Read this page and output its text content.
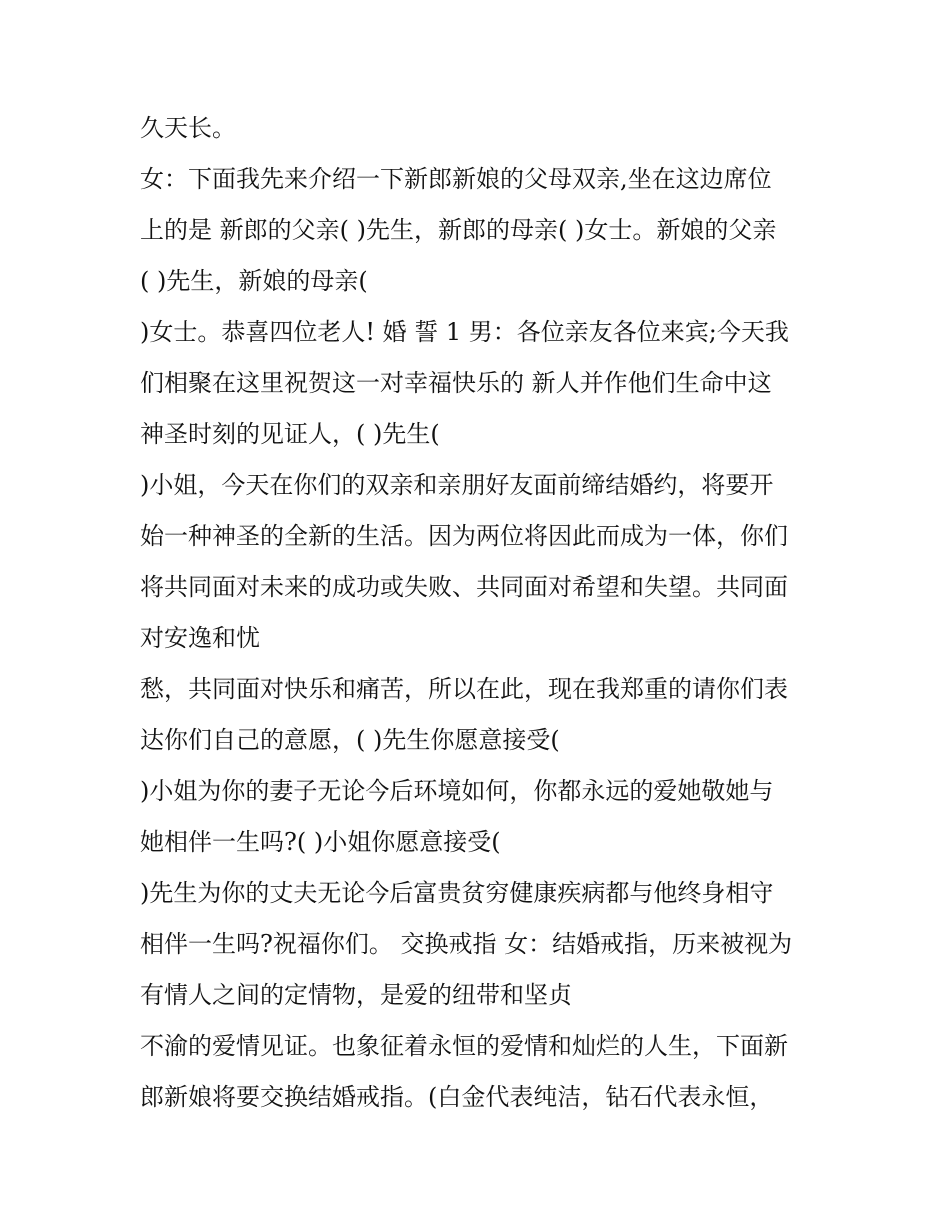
久天长。
女：下面我先来介绍一下新郎新娘的父母双亲,坐在这边席位
上的是 新郎的父亲( )先生，新郎的母亲( )女士。新娘的父亲
( )先生，新娘的母亲(
)女士。恭喜四位老人! 婚 誓 1 男：各位亲友各位来宾;今天我
们相聚在这里祝贺这一对幸福快乐的 新人并作他们生命中这
神圣时刻的见证人，( )先生(
)小姐，今天在你们的双亲和亲朋好友面前缔结婚约，将要开
始一种神圣的全新的生活。因为两位将因此而成为一体，你们
将共同面对未来的成功或失败、共同面对希望和失望。共同面
对安逸和忧
愁，共同面对快乐和痛苦，所以在此，现在我郑重的请你们表
达你们自己的意愿，( )先生你愿意接受(
)小姐为你的妻子无论今后环境如何，你都永远的爱她敬她与
她相伴一生吗?( )小姐你愿意接受(
)先生为你的丈夫无论今后富贵贫穷健康疾病都与他终身相守
相伴一生吗?祝福你们。 交换戒指 女：结婚戒指，历来被视为
有情人之间的定情物，是爱的纽带和坚贞
不渝的爱情见证。也象征着永恒的爱情和灿烂的人生，下面新
郎新娘将要交换结婚戒指。(白金代表纯洁，钻石代表永恒，
